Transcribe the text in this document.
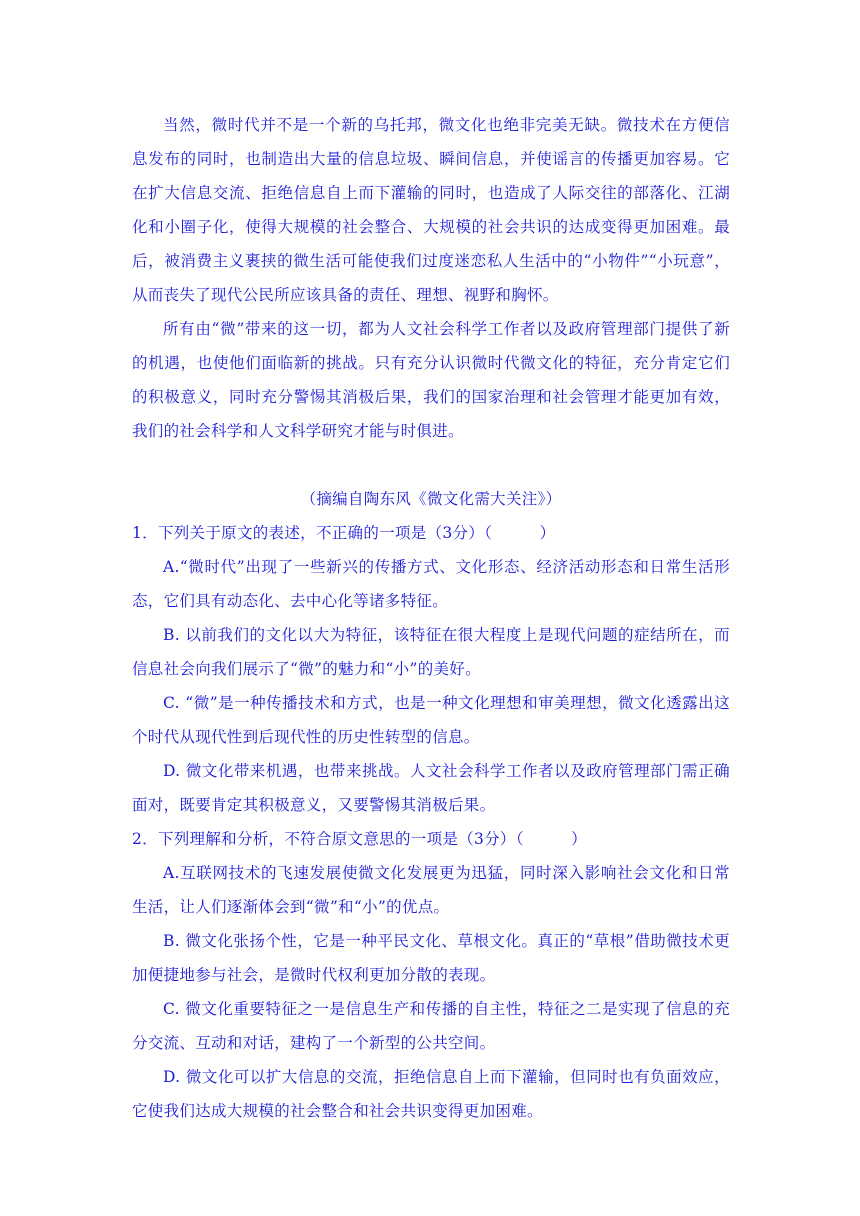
当然，微时代并不是一个新的乌托邦，微文化也绝非完美无缺。微技术在方便信息发布的同时，也制造出大量的信息垃圾、瞬间信息，并使谣言的传播更加容易。它在扩大信息交流、拒绝信息自上而下灌输的同时，也造成了人际交往的部落化、江湖化和小圈子化，使得大规模的社会整合、大规模的社会共识的达成变得更加困难。最后，被消费主义裹挟的微生活可能使我们过度迷恋私人生活中的“小物件”“小玩意”，从而丧失了现代公民所应该具备的责任、理想、视野和胸怀。

所有由“微”带来的这一切，都为人文社会科学工作者以及政府管理部门提供了新的机遇，也使他们面临新的挑战。只有充分认识微时代微文化的特征，充分肯定它们的积极意义，同时充分警惕其消极后果，我们的国家治理和社会管理才能更加有效，我们的社会科学和人文科学研究才能与时俱进。

（摘编自陶东风《微文化需大关注》）

1．下列关于原文的表述，不正确的一项是（3分）（　　　）

A.“微时代”出现了一些新兴的传播方式、文化形态、经济活动形态和日常生活形态，它们具有动态化、去中心化等诸多特征。

B. 以前我们的文化以大为特征，该特征在很大程度上是现代问题的症结所在，而信息社会向我们展示了“微”的魅力和“小”的美好。

C. “微”是一种传播技术和方式，也是一种文化理想和审美理想，微文化透露出这个时代从现代性到后现代性的历史性转型的信息。

D. 微文化带来机遇，也带来挑战。人文社会科学工作者以及政府管理部门需正确面对，既要肯定其积极意义，又要警惕其消极后果。

2．下列理解和分析，不符合原文意思的一项是（3分）（　　　）

A.互联网技术的飞速发展使微文化发展更为迅猛，同时深入影响社会文化和日常生活，让人们逐渐体会到“微”和“小”的优点。

B. 微文化张扬个性，它是一种平民文化、草根文化。真正的“草根”借助微技术更加便捷地参与社会，是微时代权利更加分散的表现。

C. 微文化重要特征之一是信息生产和传播的自主性，特征之二是实现了信息的充分交流、互动和对话，建构了一个新型的公共空间。

D. 微文化可以扩大信息的交流，拒绝信息自上而下灌输，但同时也有负面效应，它使我们达成大规模的社会整合和社会共识变得更加困难。
